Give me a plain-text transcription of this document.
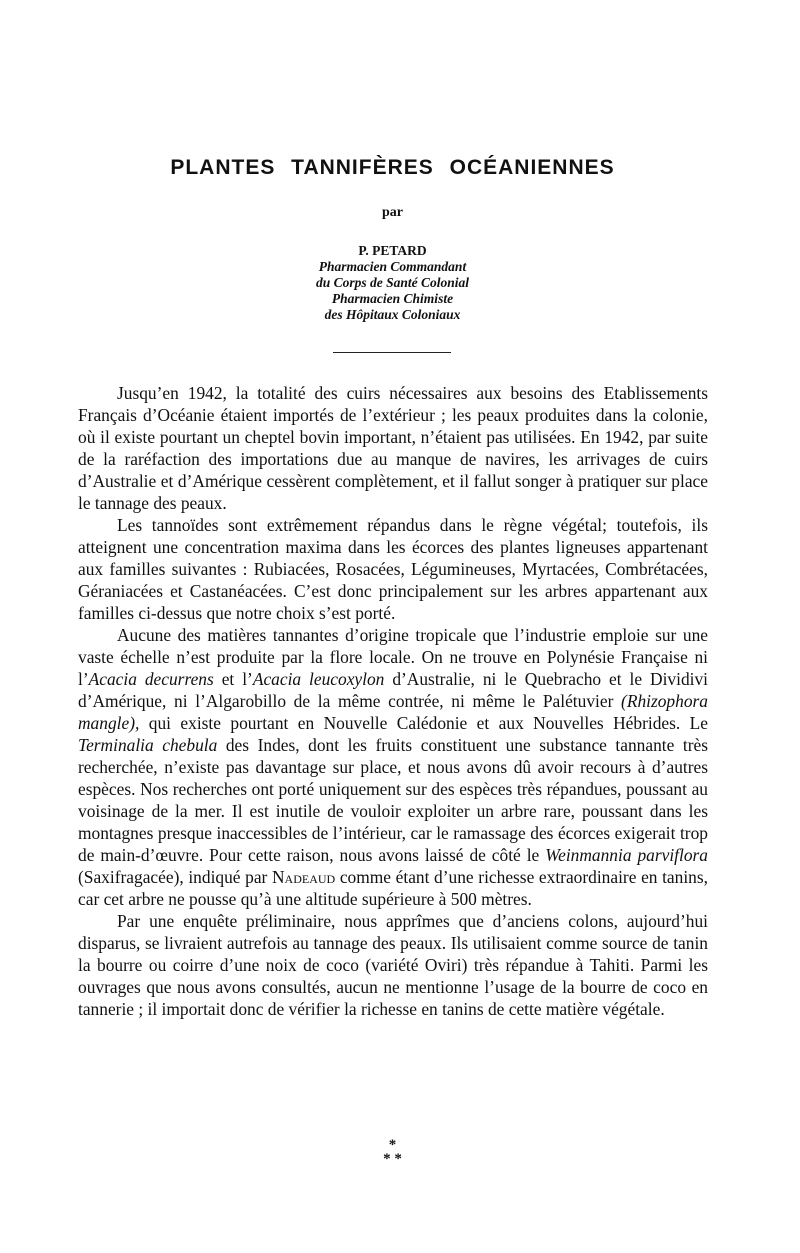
PLANTES TANNIFÈRES OCÉANIENNES
par
P. PETARD
Pharmacien Commandant
du Corps de Santé Colonial
Pharmacien Chimiste
des Hôpitaux Coloniaux

Jusqu’en 1942, la totalité des cuirs nécessaires aux besoins des Etablissements Français d’Océanie étaient importés de l’extérieur ; les peaux produites dans la colonie, où il existe pourtant un cheptel bovin important, n’étaient pas utilisées. En 1942, par suite de la raréfaction des importations due au manque de navires, les arrivages de cuirs d’Australie et d’Amérique cessèrent complètement, et il fallut songer à pratiquer sur place le tannage des peaux.

Les tannoïdes sont extrêmement répandus dans le règne végétal; toutefois, ils atteignent une concentration maxima dans les écorces des plantes ligneuses appartenant aux familles suivantes : Rubiacées, Rosacées, Légumineuses, Myrtacées, Combrétacées, Géraniacées et Castanéacées. C’est donc principalement sur les arbres appartenant aux familles ci-dessus que notre choix s’est porté.

Aucune des matières tannantes d’origine tropicale que l’industrie emploie sur une vaste échelle n’est produite par la flore locale. On ne trouve en Polynésie Française ni l’Acacia decurrens et l’Acacia leucoxylon d’Australie, ni le Quebracho et le Dividivi d’Amérique, ni l’Algarobillo de la même contrée, ni même le Palétuvier (Rhizophora mangle), qui existe pourtant en Nouvelle Calédonie et aux Nouvelles Hébrides. Le Terminalia chebula des Indes, dont les fruits constituent une substance tannante très recherchée, n’existe pas davantage sur place, et nous avons dû avoir recours à d’autres espèces. Nos recherches ont porté uniquement sur des espèces très répandues, poussant au voisinage de la mer. Il est inutile de vouloir exploiter un arbre rare, poussant dans les montagnes presque inaccessibles de l’intérieur, car le ramassage des écorces exigerait trop de main-d’œuvre. Pour cette raison, nous avons laissé de côté le Weinmannia parviflora (Saxifragacée), indiqué par Nadeaud comme étant d’une richesse extraordinaire en tanins, car cet arbre ne pousse qu’à une altitude supérieure à 500 mètres.

Par une enquête préliminaire, nous apprîmes que d’anciens colons, aujourd’hui disparus, se livraient autrefois au tannage des peaux. Ils utilisaient comme source de tanin la bourre ou coirre d’une noix de coco (variété Oviri) très répandue à Tahiti. Parmi les ouvrages que nous avons consultés, aucun ne mentionne l’usage de la bourre de coco en tannerie ; il importait donc de vérifier la richesse en tanins de cette matière végétale.

*
* *
